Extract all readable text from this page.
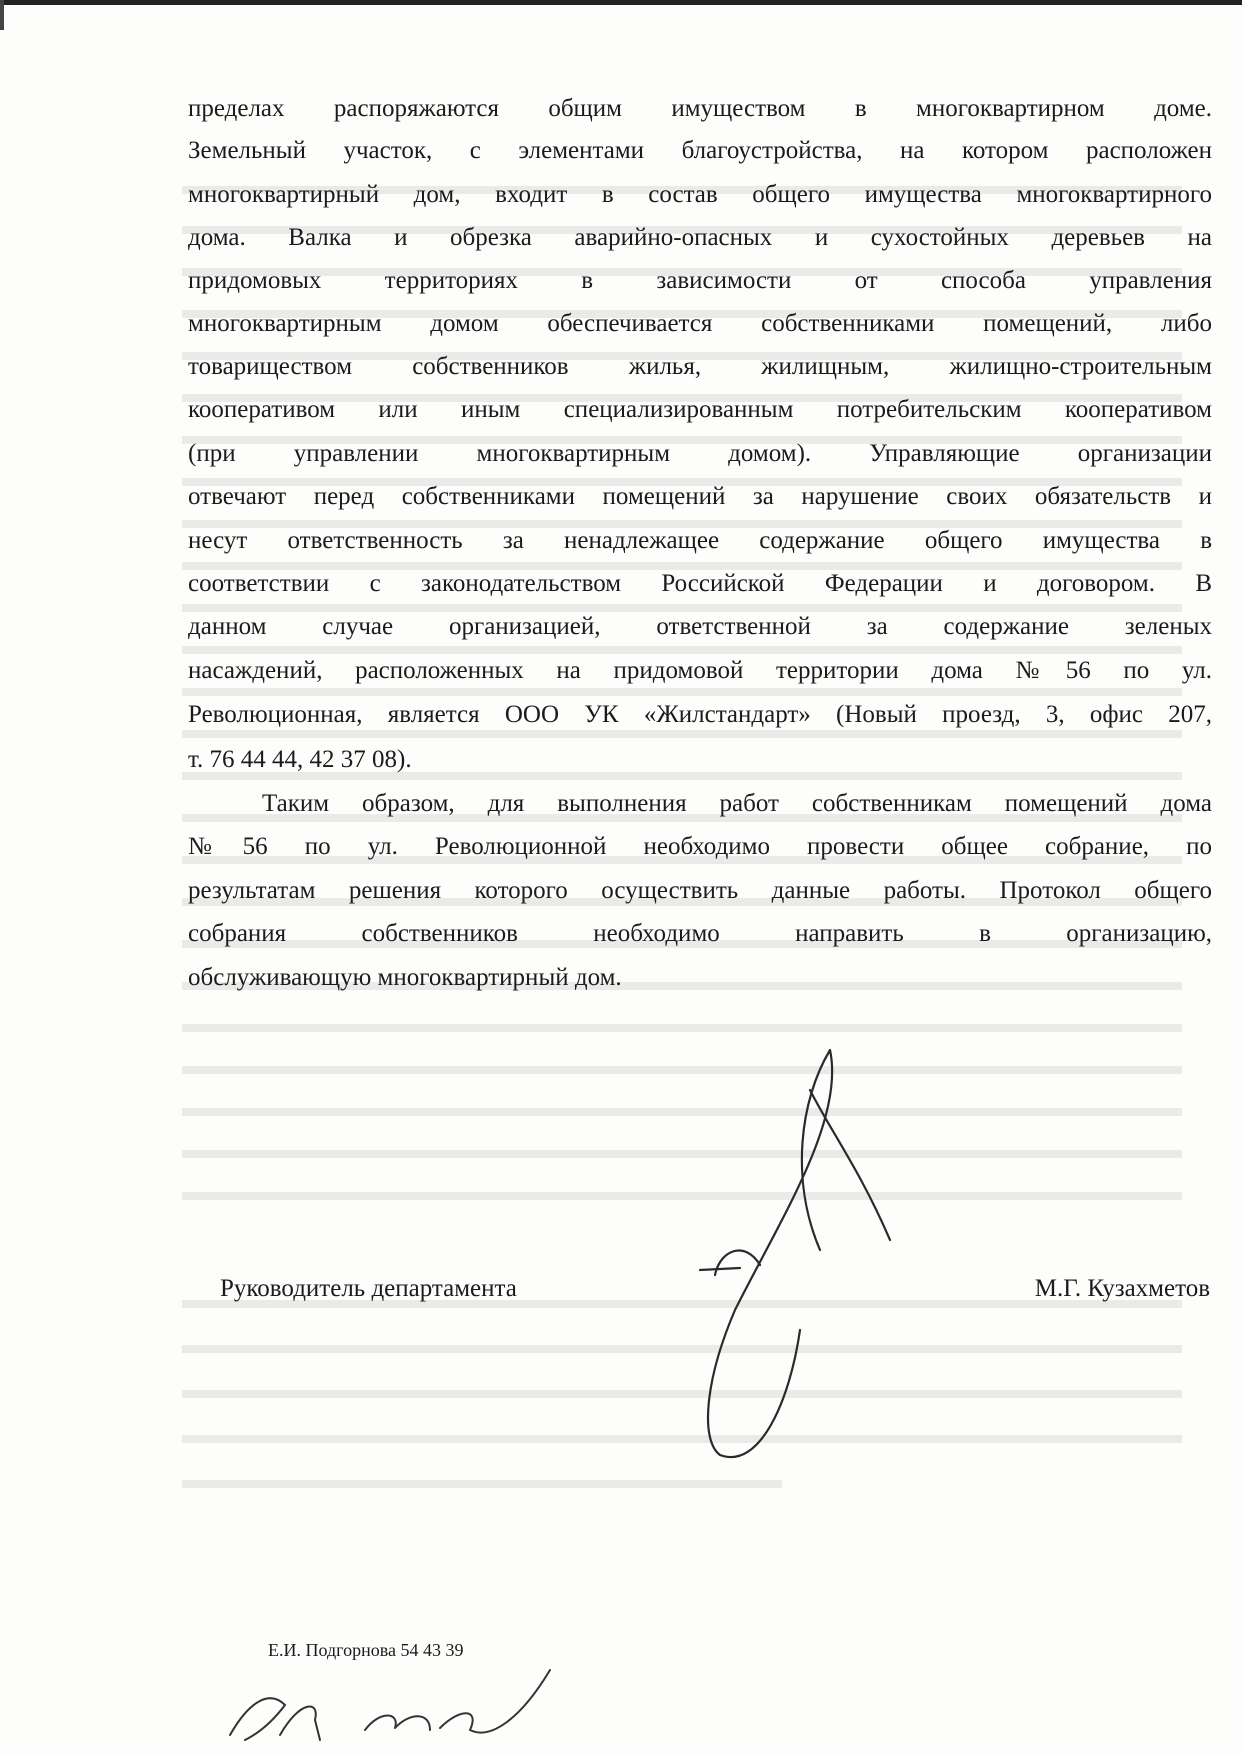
пределах распоряжаются общим имуществом в многоквартирном доме.
Земельный участок, с элементами благоустройства, на котором расположен
многоквартирный дом, входит в состав общего имущества многоквартирного
дома. Валка и обрезка аварийно-опасных и сухостойных деревьев на
придомовых территориях в зависимости от способа управления
многоквартирным домом обеспечивается собственниками помещений, либо
товариществом собственников жилья, жилищным, жилищно-строительным
кооперативом или иным специализированным потребительским кооперативом
(при управлении многоквартирным домом). Управляющие организации
отвечают перед собственниками помещений за нарушение своих обязательств и
несут ответственность за ненадлежащее содержание общего имущества в
соответствии с законодательством Российской Федерации и договором. В
данном случае организацией, ответственной за содержание зеленых
насаждений, расположенных на придомовой территории дома №56 по ул.
Революционная, является ООО УК «Жилстандарт» (Новый проезд, 3, офис 207,
т. 76 44 44, 42 37 08).
Таким образом, для выполнения работ собственникам помещений дома
№56 по ул. Революционной необходимо провести общее собрание, по
результатам решения которого осуществить данные работы. Протокол общего
собрания собственников необходимо направить в организацию,
обслуживающую многоквартирный дом.
Руководитель департамента	М.Г. Кузахметов
Е.И. Подгорнова 54 43 39
